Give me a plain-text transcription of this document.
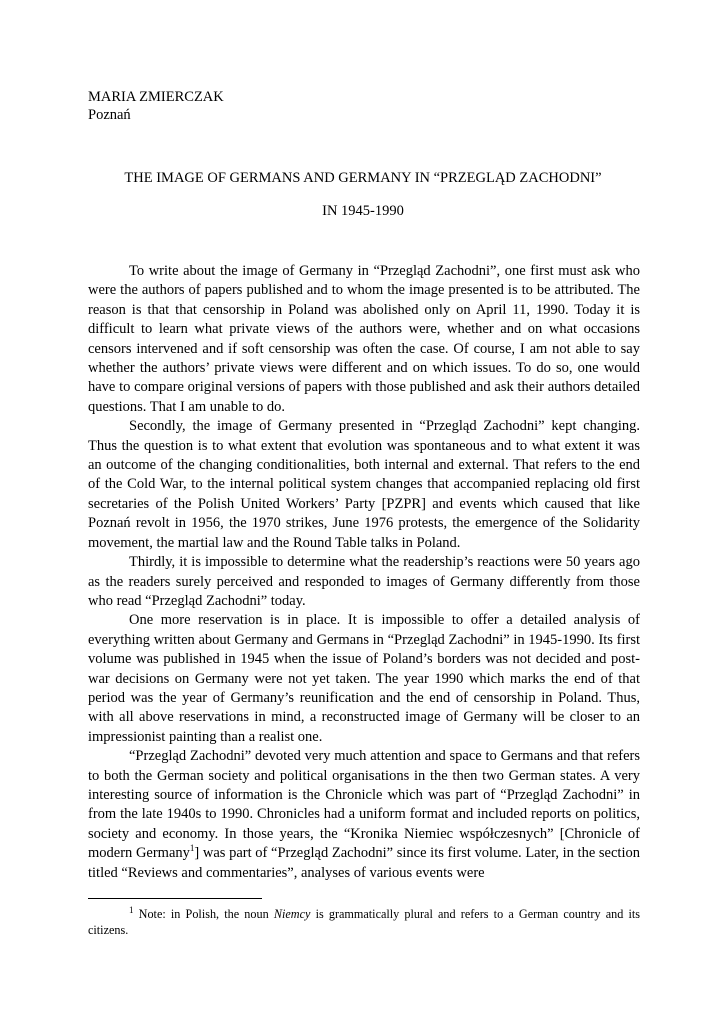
MARIA ZMIERCZAK
Poznań
THE IMAGE OF GERMANS AND GERMANY IN “PRZEGLĄD ZACHODNI”
IN 1945-1990

To write about the image of Germany in “Przegląd Zachodni”, one first must ask who were the authors of papers published and to whom the image presented is to be attributed. The reason is that that censorship in Poland was abolished only on April 11, 1990. Today it is difficult to learn what private views of the authors were, whether and on what occasions censors intervened and if soft censorship was often the case. Of course, I am not able to say whether the authors’ private views were different and on which issues. To do so, one would have to compare original versions of papers with those published and ask their authors detailed questions. That I am unable to do.

Secondly, the image of Germany presented in “Przegląd Zachodni” kept changing. Thus the question is to what extent that evolution was spontaneous and to what extent it was an outcome of the changing conditionalities, both internal and external. That refers to the end of the Cold War, to the internal political system changes that accompanied replacing old first secretaries of the Polish United Workers’ Party [PZPR] and events which caused that like Poznań revolt in 1956, the 1970 strikes, June 1976 protests, the emergence of the Solidarity movement, the martial law and the Round Table talks in Poland.

Thirdly, it is impossible to determine what the readership’s reactions were 50 years ago as the readers surely perceived and responded to images of Germany differently from those who read “Przegląd Zachodni” today.

One more reservation is in place. It is impossible to offer a detailed analysis of everything written about Germany and Germans in “Przegląd Zachodni” in 1945-1990. Its first volume was published in 1945 when the issue of Poland’s borders was not decided and post-war decisions on Germany were not yet taken. The year 1990 which marks the end of that period was the year of Germany’s reunification and the end of censorship in Poland. Thus, with all above reservations in mind, a reconstructed image of Germany will be closer to an impressionist painting than a realist one.

“Przegląd Zachodni” devoted very much attention and space to Germans and that refers to both the German society and political organisations in the then two German states. A very interesting source of information is the Chronicle which was part of “Przegląd Zachodni” in from the late 1940s to 1990. Chronicles had a uniform format and included reports on politics, society and economy. In those years, the “Kronika Niemiec współczesnych” [Chronicle of modern Germany$^1$] was part of “Przegląd Zachodni” since its first volume. Later, in the section titled “Reviews and commentaries”, analyses of various events were

$^1$ Note: in Polish, the noun Niemcy is grammatically plural and refers to a German country and its citizens.
